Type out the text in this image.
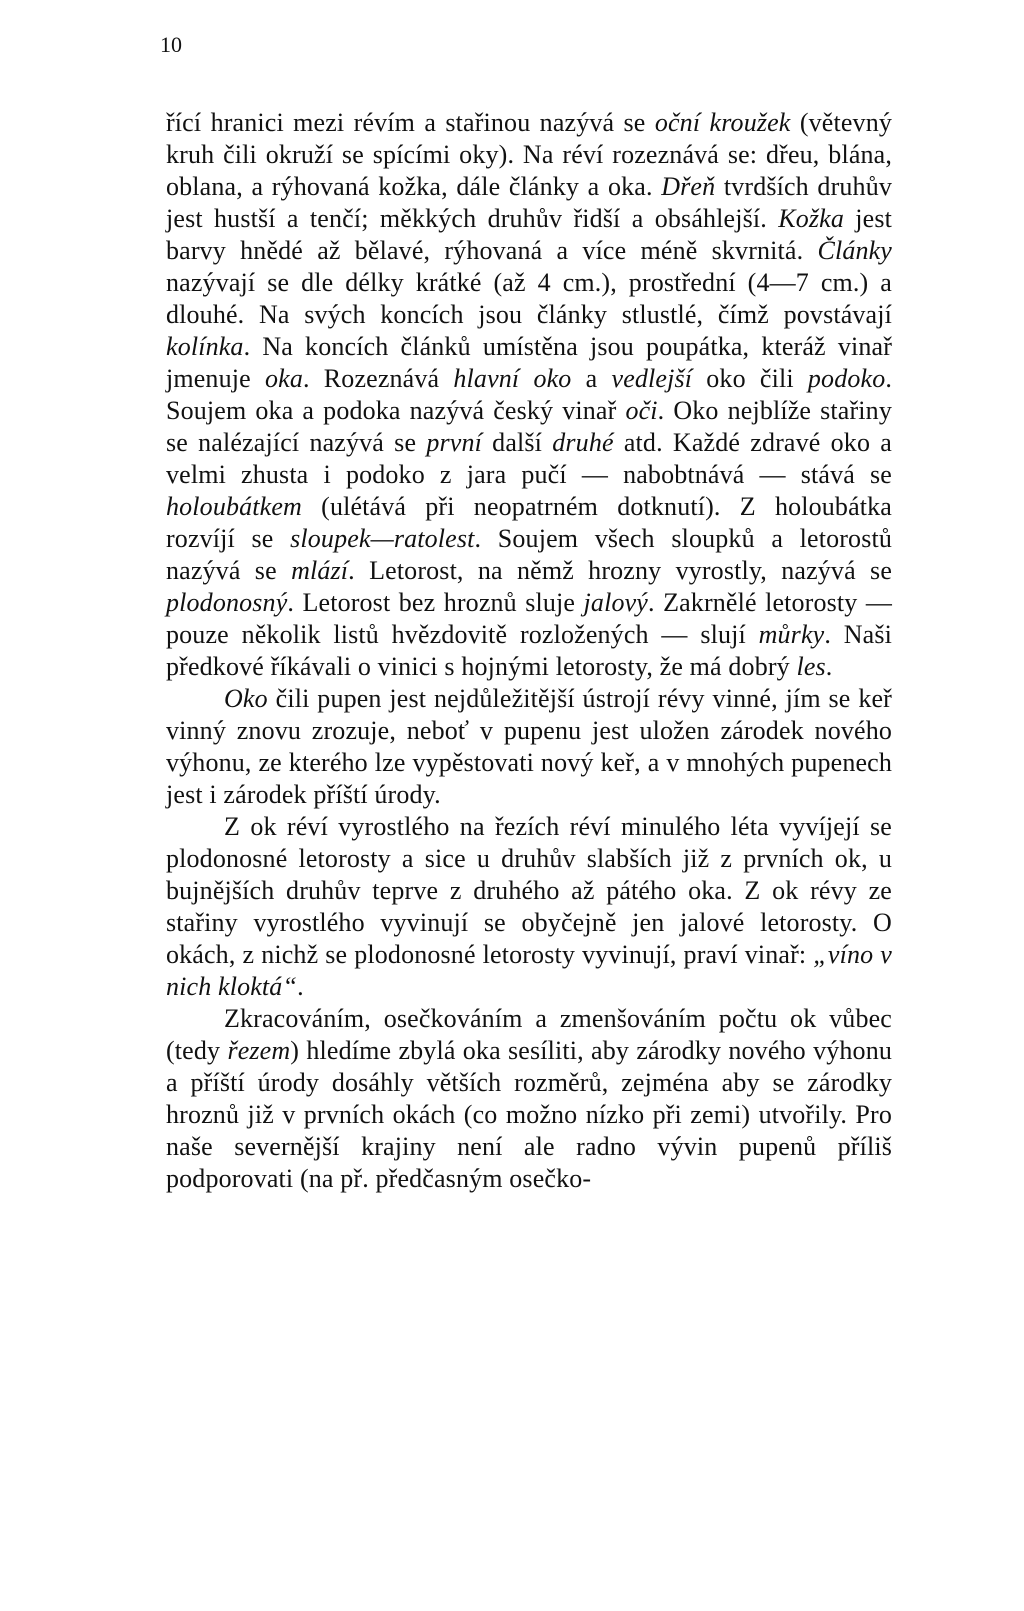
10

řící hranici mezi révím a stařinou nazývá se oční kroužek (větevný kruh čili okruží se spícími oky). Na réví rozeznává se: dřeu, blána, oblana, a rýhovaná kožka, dále články a oka. Dřeň tvrdších druhův jest hustší a tenčí; měkkých druhův řidší a obsáhlejší. Kožka jest barvy hnědé až bělavé, rýhovaná a více méně skvrnitá. Články nazývají se dle délky krátké (až 4 cm.), prostřední (4—7 cm.) a dlouhé. Na svých koncích jsou články stlustlé, čímž povstávají kolínka. Na koncích článků umístěna jsou poupátka, kteráž vinař jmenuje oka. Rozeznává hlavní oko a vedlejší oko čili podoko. Soujem oka a podoka nazývá český vinař oči. Oko nejblíže stařiny se nalézající nazývá se první další druhé atd. Každé zdravé oko a velmi zhusta i podoko z jara pučí — nabobtnává — stává se holoubátkem (ulétává při neopatrném dotknutí). Z holoubátka rozvíjí se sloupek—ratolest. Soujem všech sloupků a letorostů nazývá se mlází. Letorost, na němž hrozny vyrostly, nazývá se plodonosný. Letorost bez hroznů sluje jalový. Zakrnělé letorosty — pouze několik listů hvězdovitě rozložených — slují můrky. Naši předkové říkávali o vinici s hojnými letorosty, že má dobrý les.

Oko čili pupen jest nejdůležitější ústrojí révy vinné, jím se keř vinný znovu zrozuje, neboť v pupenu jest uložen zárodek nového výhonu, ze kterého lze vypěstovati nový keř, a v mnohých pupenech jest i zárodek příští úrody.

Z ok réví vyrostlého na řezích réví minulého léta vyvíjejí se plodonosné letorosty a sice u druhův slabších již z prvních ok, u bujnějších druhův teprve z druhého až pátého oka. Z ok révy ze stařiny vyrostlého vyvinují se obyčejně jen jalové letorosty. O okách, z nichž se plodonosné letorosty vyvinují, praví vinař: „víno v nich kloktá“.

Zkracováním, osečkováním a zmenšováním počtu ok vůbec (tedy řezem) hledíme zbylá oka sesíliti, aby zárodky nového výhonu a příští úrody dosáhly větších rozměrů, zejména aby se zárodky hroznů již v prvních okách (co možno nízko při zemi) utvořily. Pro naše severnější krajiny není ale radno vývin pupenů příliš podporovati (na př. předčasným osečko-
